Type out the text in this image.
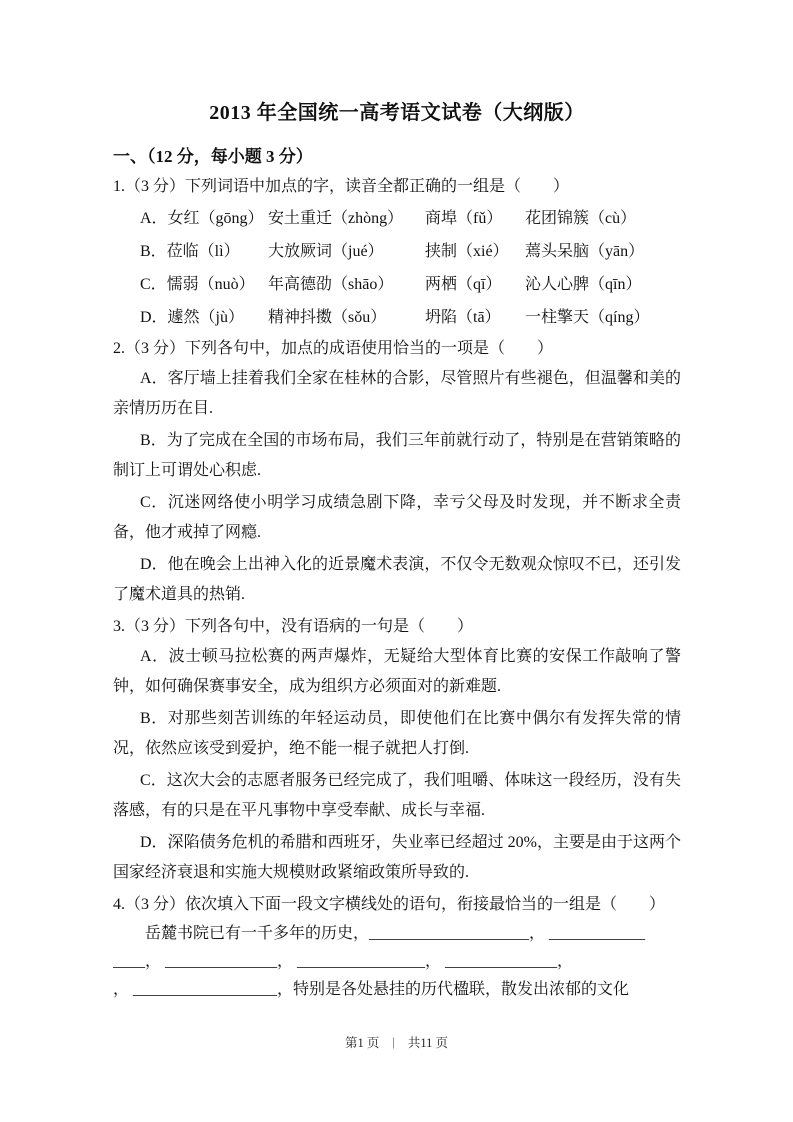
2013 年全国统一高考语文试卷（大纲版）
一、（12 分，每小题 3 分）

1.（3 分）下列词语中加点的字，读音全都正确的一组是（　　）

A．女红（gōng） 安土重迁（zhòng）	商埠（fǔ）	花团锦簇（cù）
B．莅临（lì）	大放厥词（jué）	挟制（xié）	蔫头呆脑（yān）
C．懦弱（nuò） 年高德劭（shāo）	两栖（qī）	沁人心脾（qīn）
D．遽然（jù）	精神抖擞（sǒu）	坍陷（tā）	一柱擎天（qíng）

2.（3 分）下列各句中，加点的成语使用恰当的一项是（　　）

A．客厅墙上挂着我们全家在桂林的合影，尽管照片有些褪色，但温馨和美的亲情历历在目.

B．为了完成在全国的市场布局，我们三年前就行动了，特别是在营销策略的制订上可谓处心积虑.

C．沉迷网络使小明学习成绩急剧下降，幸亏父母及时发现，并不断求全责备，他才戒掉了网瘾.

D．他在晚会上出神入化的近景魔术表演，不仅令无数观众惊叹不已，还引发了魔术道具的热销.

3.（3 分）下列各句中，没有语病的一句是（　　）

A．波士顿马拉松赛的两声爆炸，无疑给大型体育比赛的安保工作敲响了警钟，如何确保赛事安全，成为组织方必须面对的新难题.

B．对那些刻苦训练的年轻运动员，即使他们在比赛中偶尔有发挥失常的情况，依然应该受到爱护，绝不能一棍子就把人打倒.

C．这次大会的志愿者服务已经完成了，我们咀嚼、体味这一段经历，没有失落感，有的只是在平凡事物中享受奉献、成长与幸福.

D．深陷债务危机的希腊和西班牙，失业率已经超过 20%，主要是由于这两个国家经济衰退和实施大规模财政紧缩政策所导致的.

4.（3 分）依次填入下面一段文字横线处的语句，衔接最恰当的一组是（　　）

岳麓书院已有一千多年的历史，____________________， ____________
____， ______________， ________________， ______________，
， __________________，特别是各处悬挂的历代楹联，散发出浓郁的文化
第1 页 | 共11 页
